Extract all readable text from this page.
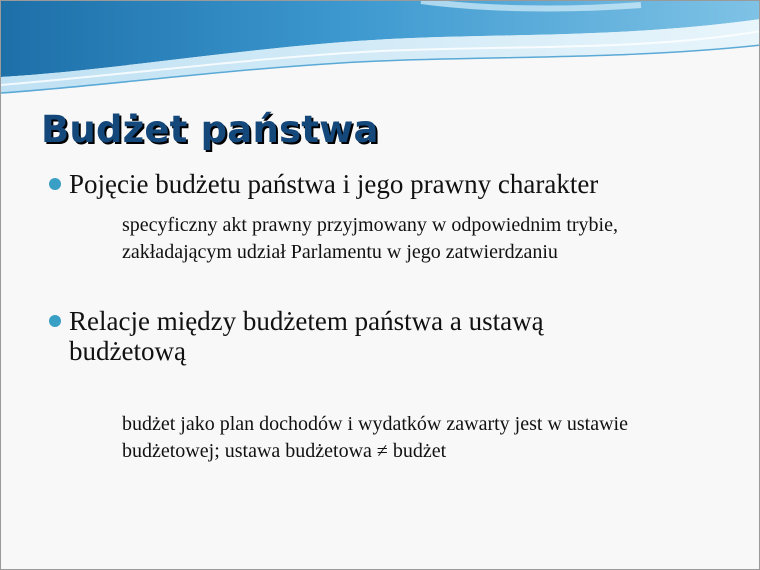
Budżet państwa
Pojęcie budżetu państwa i jego prawny charakter
specyficzny akt prawny przyjmowany w odpowiednim trybie,
zakładającym udział Parlamentu w jego zatwierdzaniu
Relacje między budżetem państwa a ustawą
budżetową
budżet jako plan dochodów i wydatków zawarty jest w ustawie
budżetowej; ustawa budżetowa ≠ budżet
